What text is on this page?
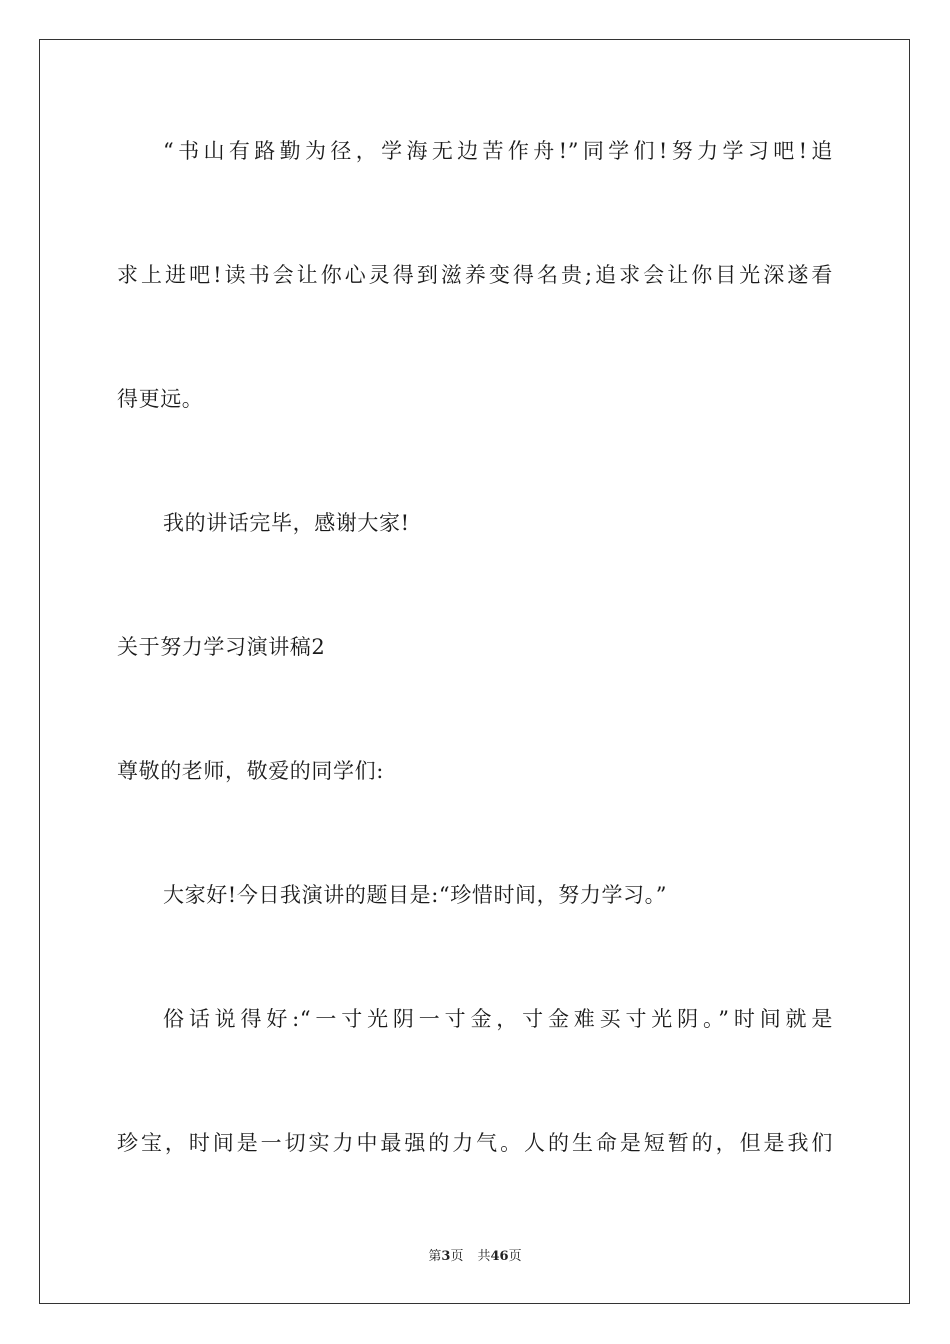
“书山有路勤为径，学海无边苦作舟!”同学们!努力学习吧!追
求上进吧!读书会让你心灵得到滋养变得名贵;追求会让你目光深遂看
得更远。
我的讲话完毕，感谢大家!
关于努力学习演讲稿2
尊敬的老师，敬爱的同学们:
大家好!今日我演讲的题目是:“珍惜时间，努力学习。”
俗话说得好:“一寸光阴一寸金，寸金难买寸光阴。”时间就是
珍宝，时间是一切实力中最强的力气。人的生命是短暂的，但是我们
第3页 共46页
